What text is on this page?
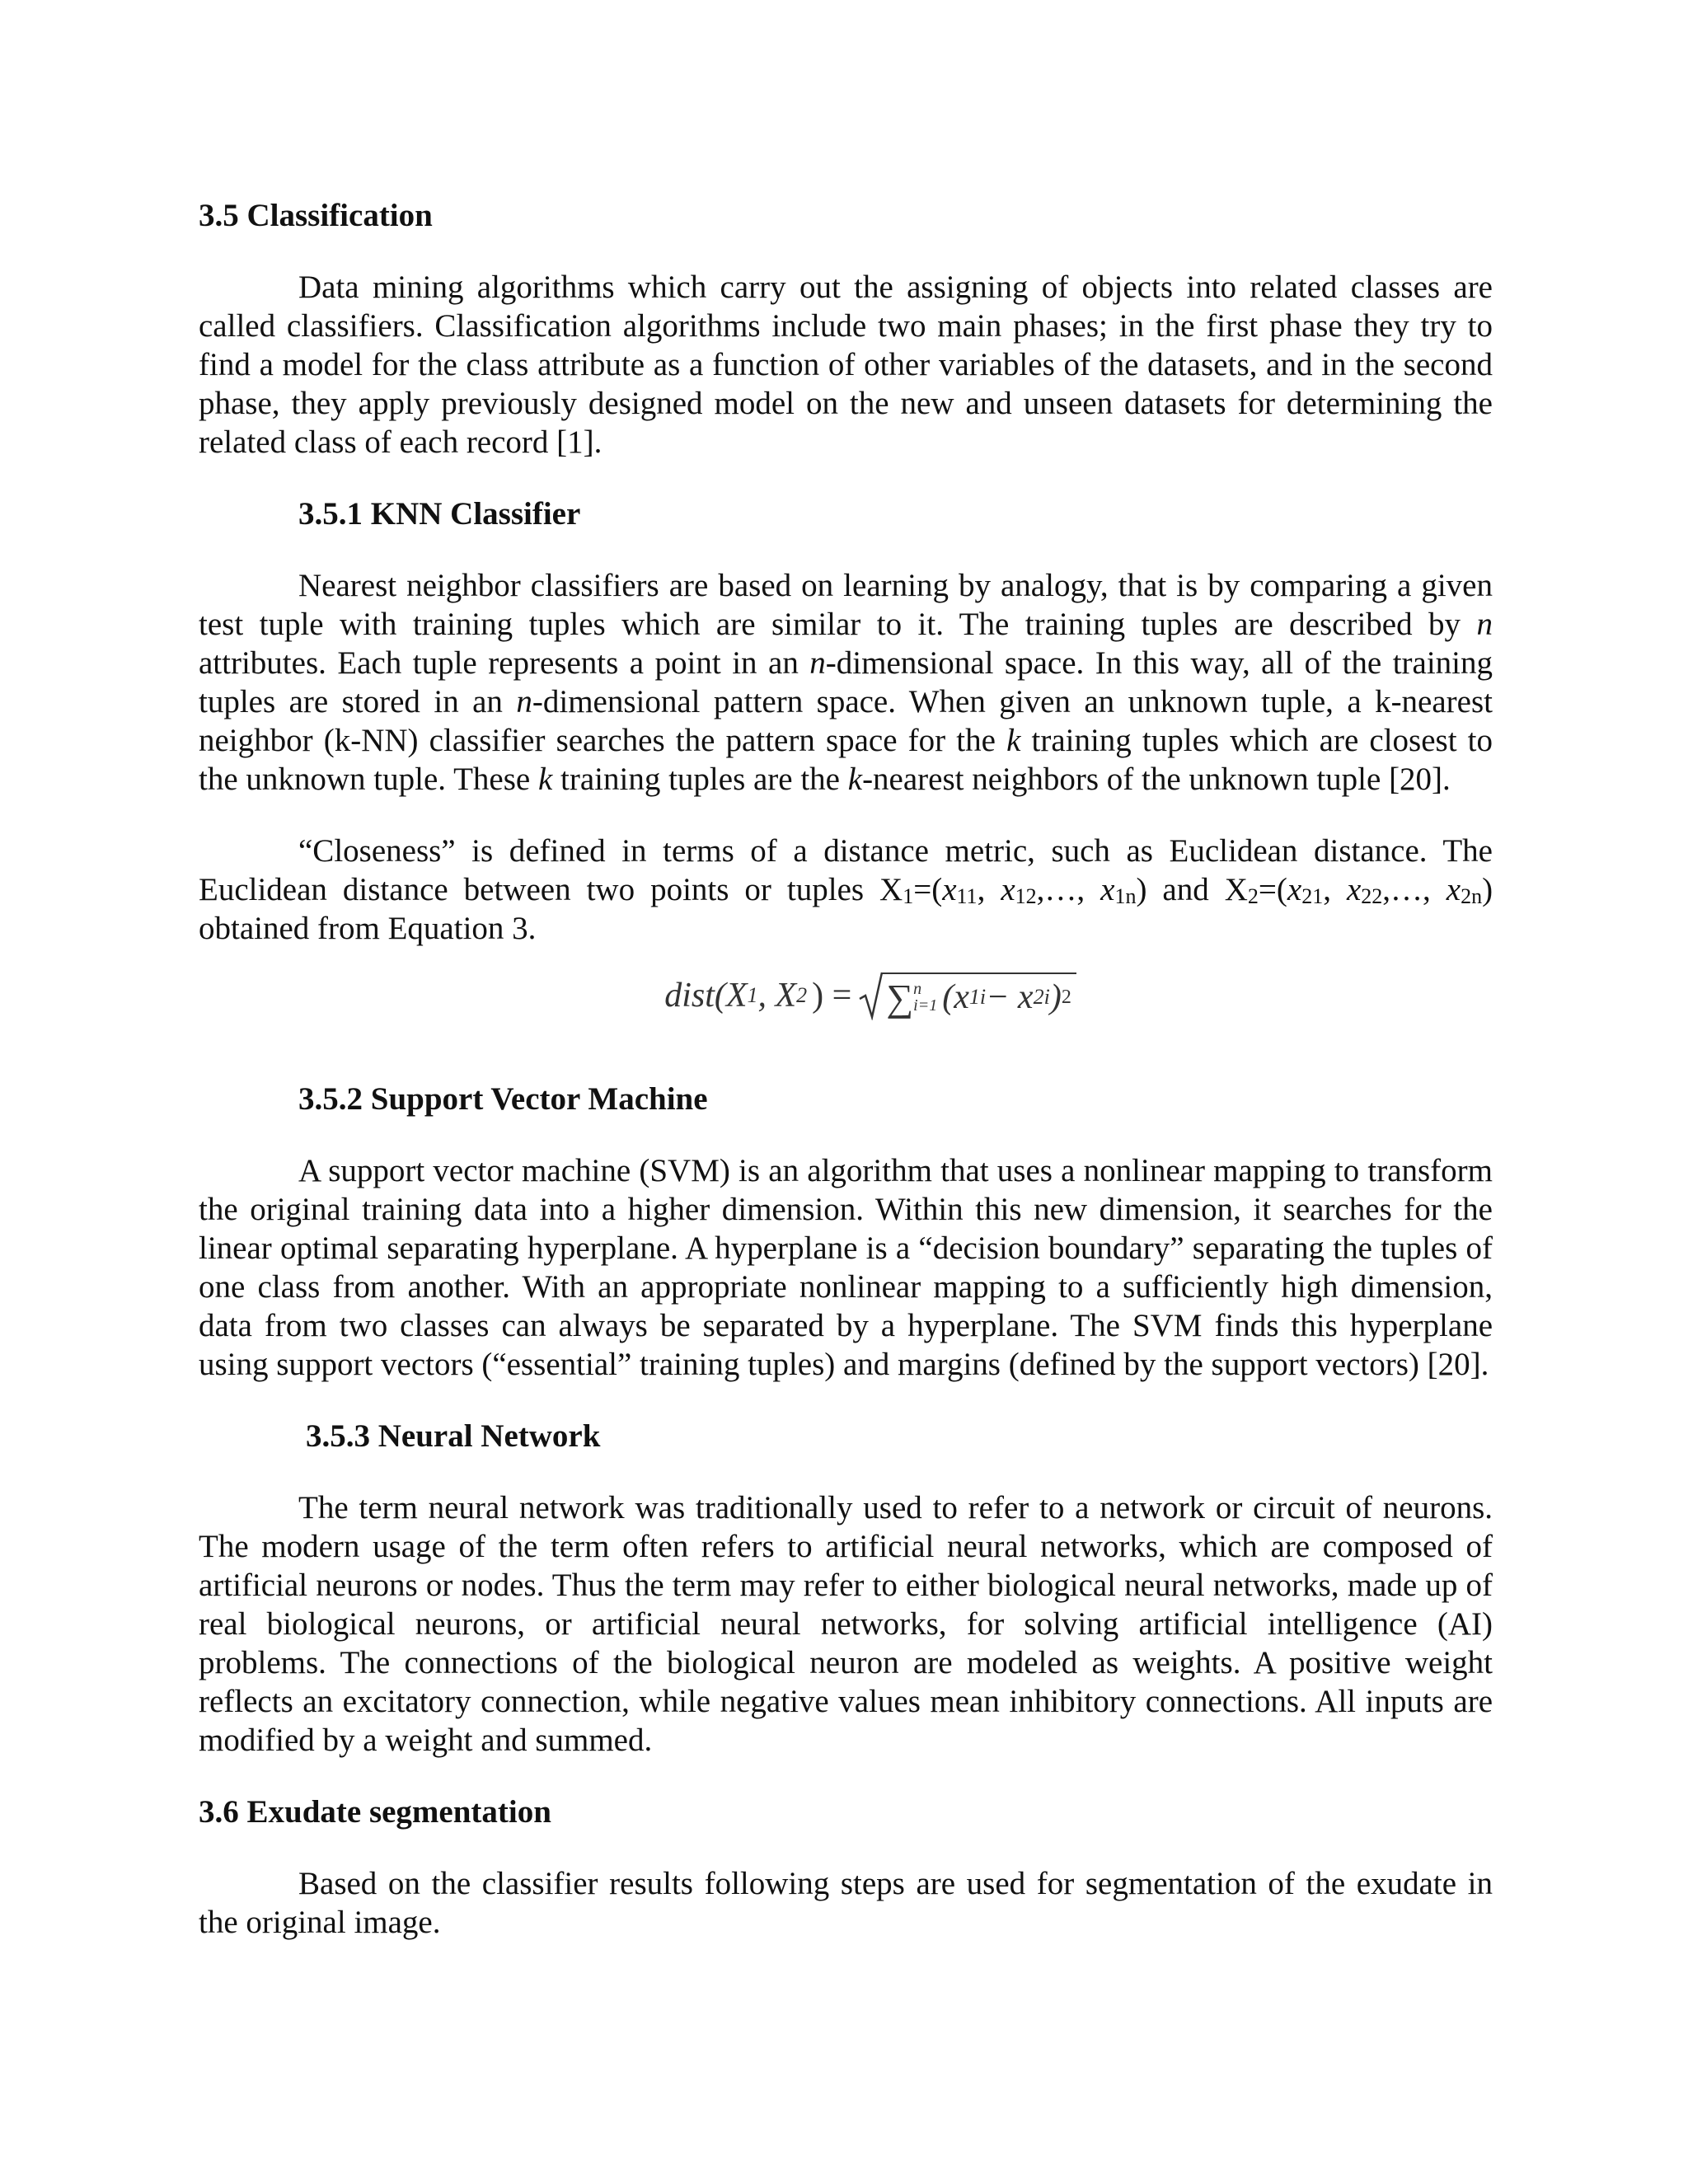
3.5 Classification

Data mining algorithms which carry out the assigning of objects into related classes are called classifiers. Classification algorithms include two main phases; in the first phase they try to find a model for the class attribute as a function of other variables of the datasets, and in the second phase, they apply previously designed model on the new and unseen datasets for determining the related class of each record [1].

3.5.1 KNN Classifier

Nearest neighbor classifiers are based on learning by analogy, that is by comparing a given test tuple with training tuples which are similar to it. The training tuples are described by n attributes. Each tuple represents a point in an n-dimensional space. In this way, all of the training tuples are stored in an n-dimensional pattern space. When given an unknown tuple, a k-nearest neighbor (k-NN) classifier searches the pattern space for the k training tuples which are closest to the unknown tuple. These k training tuples are the k-nearest neighbors of the unknown tuple [20].

“Closeness” is defined in terms of a distance metric, such as Euclidean distance. The Euclidean distance between two points or tuples X1=(x11, x12,…, x1n) and X2=(x21, x22,…, x2n) obtained from Equation 3.

dist(X 1 , X 2 ) = ∑ n
i=1 (x 1i − x 2i ) 2
3.5.2 Support Vector Machine

A support vector machine (SVM) is an algorithm that uses a nonlinear mapping to transform the original training data into a higher dimension. Within this new dimension, it searches for the linear optimal separating hyperplane. A hyperplane is a “decision boundary” separating the tuples of one class from another. With an appropriate nonlinear mapping to a sufficiently high dimension, data from two classes can always be separated by a hyperplane. The SVM finds this hyperplane using support vectors (“essential” training tuples) and margins (defined by the support vectors) [20].

3.5.3 Neural Network

The term neural network was traditionally used to refer to a network or circuit of neurons. The modern usage of the term often refers to artificial neural networks, which are composed of artificial neurons or nodes. Thus the term may refer to either biological neural networks, made up of real biological neurons, or artificial neural networks, for solving artificial intelligence (AI) problems. The connections of the biological neuron are modeled as weights. A positive weight reflects an excitatory connection, while negative values mean inhibitory connections. All inputs are modified by a weight and summed.

3.6 Exudate segmentation

Based on the classifier results following steps are used for segmentation of the exudate in the original image.
